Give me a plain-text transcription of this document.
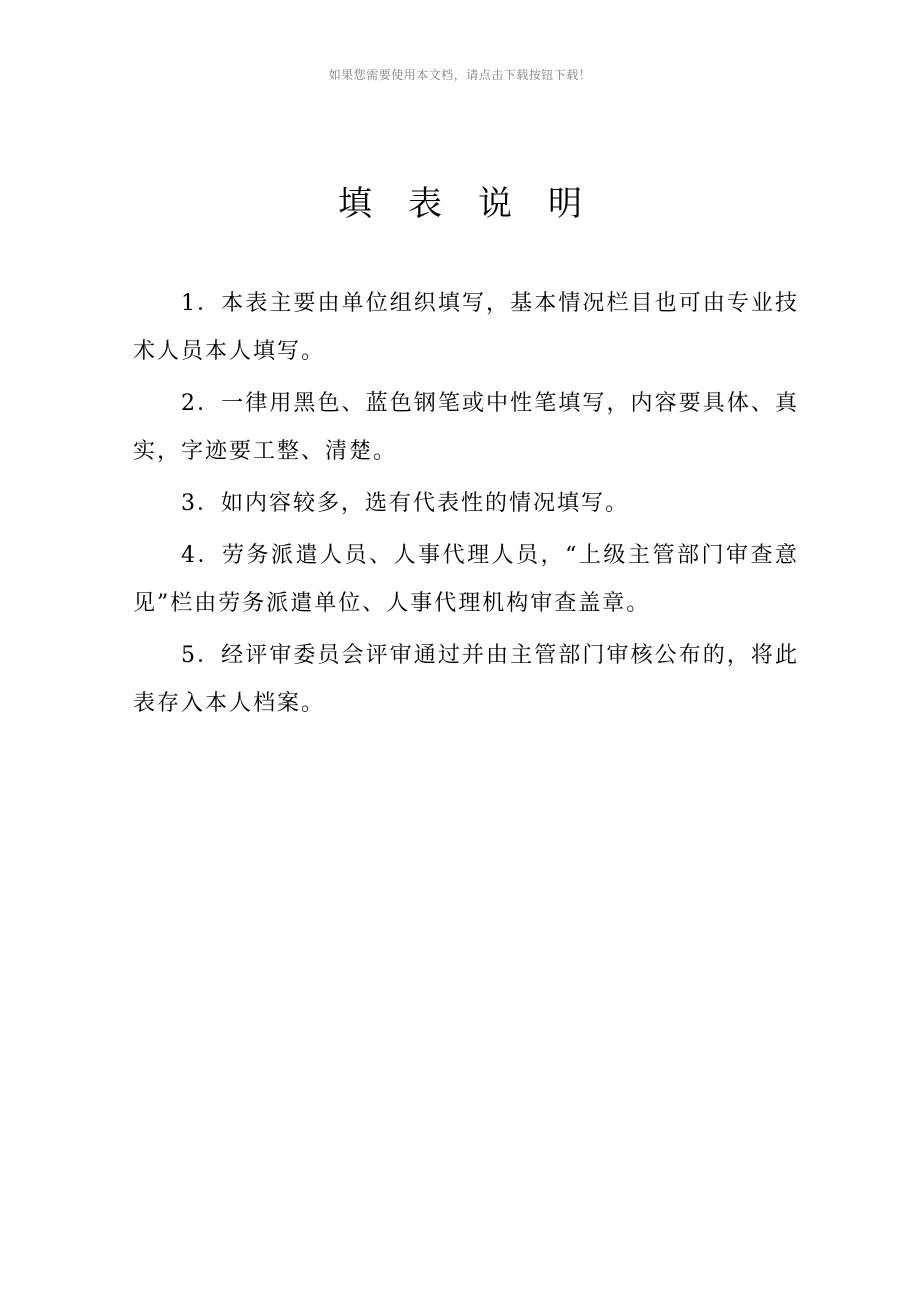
如果您需要使用本文档，请点击下载按钮下载！
填表说明

1．本表主要由单位组织填写，基本情况栏目也可由专业技术人员本人填写。

2．一律用黑色、蓝色钢笔或中性笔填写，内容要具体、真实，字迹要工整、清楚。

3．如内容较多，选有代表性的情况填写。

4．劳务派遣人员、人事代理人员，“上级主管部门审查意见”栏由劳务派遣单位、人事代理机构审查盖章。

5．经评审委员会评审通过并由主管部门审核公布的，将此表存入本人档案。
